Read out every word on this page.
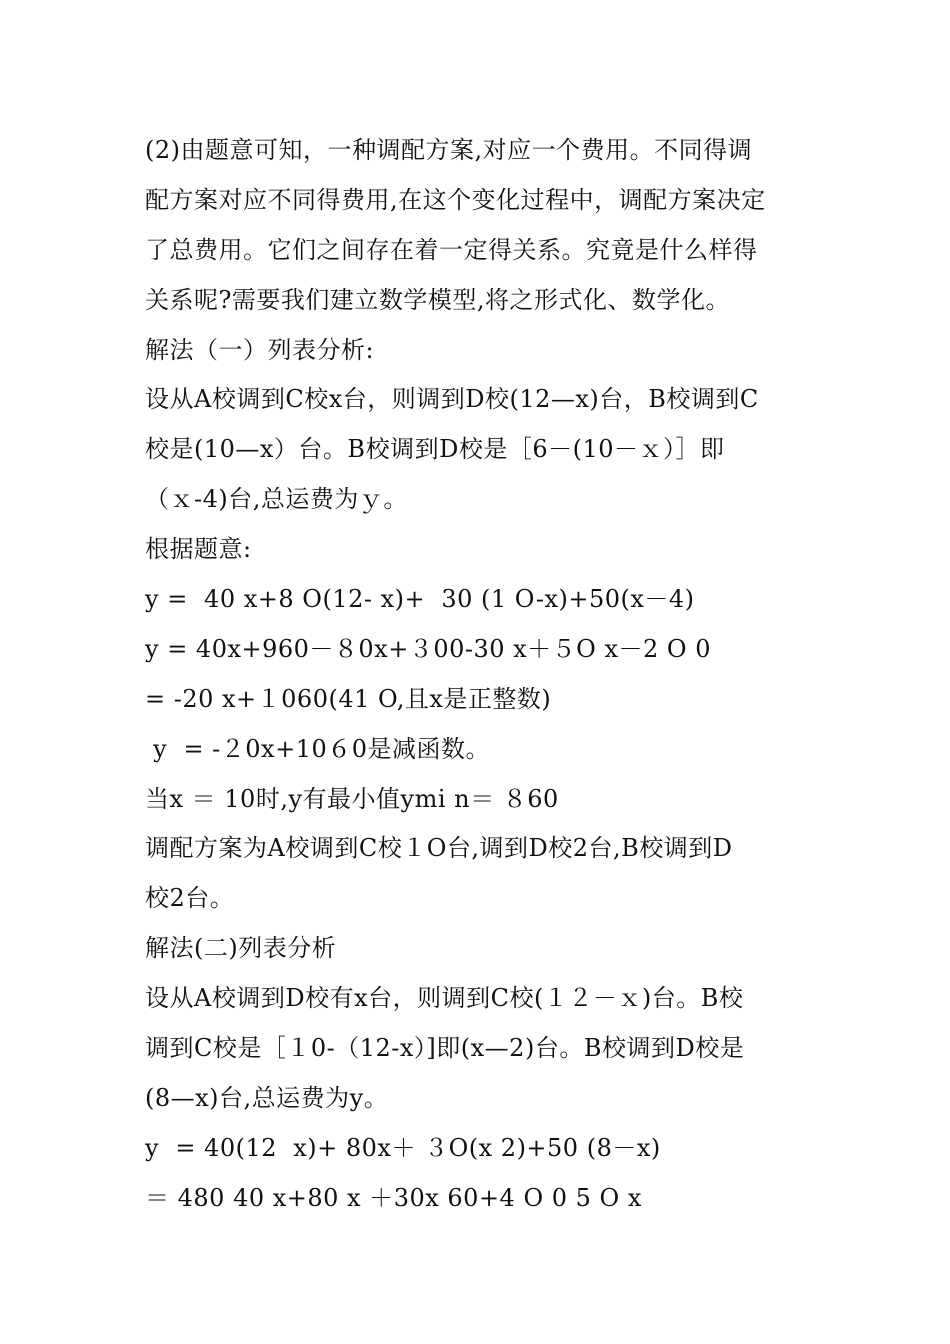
(2)由题意可知，一种调配方案,对应一个费用。不同得调
配方案对应不同得费用,在这个变化过程中，调配方案决定
了总费用。它们之间存在着一定得关系。究竟是什么样得
关系呢?需要我们建立数学模型,将之形式化、数学化。
解法（一）列表分析:
设从A校调到C校x台，则调到D校(12—x)台，B校调到C
校是(10—x）台。B校调到D校是［6－(10－ｘ）］即
（ｘ-4)台,总运费为ｙ。
根据题意:
y =  40 x+8 O(12- x)+  30 (1 O-x)+50(x－4)
y = 40x+960－８0x+３00-30 x＋５O x－2 O 0
= -20 x+１060(41 O,且x是正整数)
y  = -２0x+10６0是减函数。
当x ＝ 10时,y有最小值ymi n＝ ８60
调配方案为A校调到C校１O台,调到D校2台,B校调到D
校2台。
解法(二)列表分析
设从A校调到D校有x台，则调到C校(１２－ｘ)台。B校
调到C校是［１0-（12-x）]即(x—2)台。B校调到D校是
(8—x)台,总运费为y。
y  = 40(12  x)+ 80x＋ ３O(x 2)+50 (8－x)
＝ 480 40 x+80 x ＋30x 60+4 O 0 5 O x
